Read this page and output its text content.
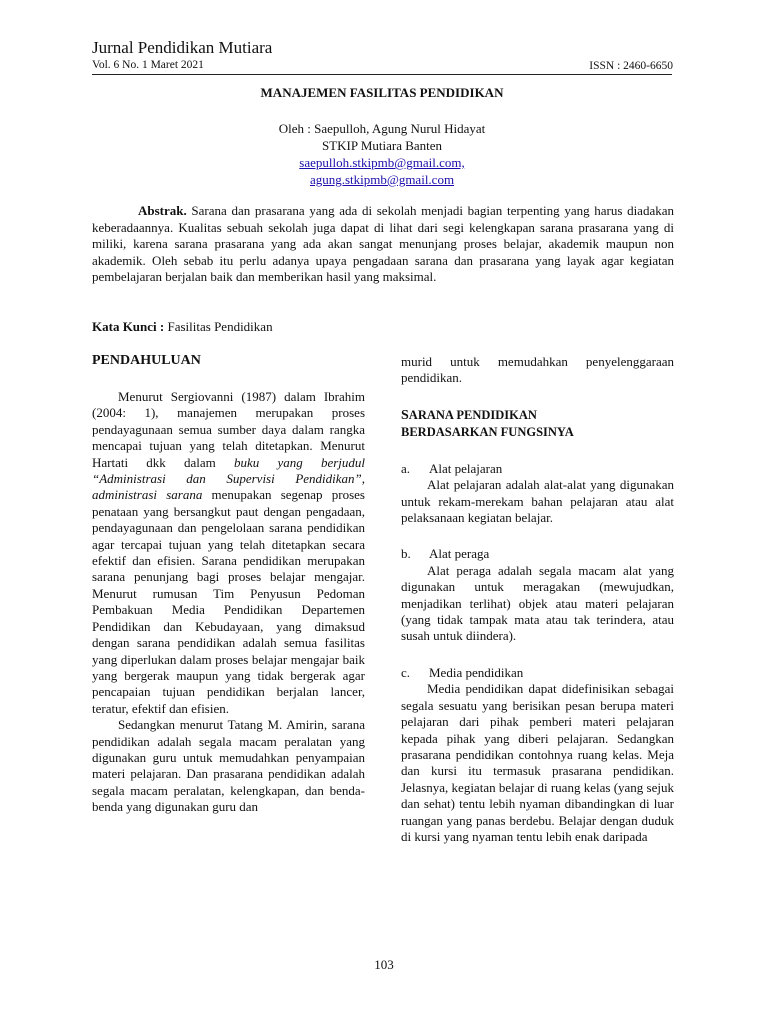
Jurnal Pendidikan Mutiara
Vol. 6 No. 1 Maret 2021	ISSN : 2460-6650
MANAJEMEN FASILITAS PENDIDIKAN
Oleh : Saepulloh, Agung Nurul Hidayat
STKIP Mutiara Banten
saepulloh.stkipmb@gmail.com,
agung.stkipmb@gmail.com

Abstrak. Sarana dan prasarana yang ada di sekolah menjadi bagian terpenting yang harus diadakan keberadaannya. Kualitas sebuah sekolah juga dapat di lihat dari segi kelengkapan sarana prasarana yang di miliki, karena sarana prasarana yang ada akan sangat menunjang proses belajar, akademik maupun non akademik. Oleh sebab itu perlu adanya upaya pengadaan sarana dan prasarana yang layak agar kegiatan pembelajaran berjalan baik dan memberikan hasil yang maksimal.

Kata Kunci : Fasilitas Pendidikan
PENDAHULUAN

Menurut Sergiovanni (1987) dalam Ibrahim (2004: 1), manajemen merupakan proses pendayagunaan semua sumber daya dalam rangka mencapai tujuan yang telah ditetapkan. Menurut Hartati dkk dalam buku yang berjudul “Administrasi dan Supervisi Pendidikan”, administrasi sarana menupakan segenap proses penataan yang bersangkut paut dengan pengadaan, pendayagunaan dan pengelolaan sarana pendidikan agar tercapai tujuan yang telah ditetapkan secara efektif dan efisien. Sarana pendidikan merupakan sarana penunjang bagi proses belajar mengajar. Menurut rumusan Tim Penyusun Pedoman Pembakuan Media Pendidikan Departemen Pendidikan dan Kebudayaan, yang dimaksud dengan sarana pendidikan adalah semua fasilitas yang diperlukan dalam proses belajar mengajar baik yang bergerak maupun yang tidak bergerak agar pencapaian tujuan pendidikan berjalan lancer, teratur, efektif dan efisien.

Sedangkan menurut Tatang M. Amirin, sarana pendidikan adalah segala macam peralatan yang digunakan guru untuk memudahkan penyampaian materi pelajaran. Dan prasarana pendidikan adalah segala macam peralatan, kelengkapan, dan benda-benda yang digunakan guru dan

murid untuk memudahkan penyelenggaraan pendidikan.

SARANA PENDIDIKAN
BERDASARKAN FUNGSINYA
a. Alat pelajaran

Alat pelajaran adalah alat-alat yang digunakan untuk rekam-merekam bahan pelajaran atau alat pelaksanaan kegiatan belajar.

b. Alat peraga

Alat peraga adalah segala macam alat yang digunakan untuk meragakan (mewujudkan, menjadikan terlihat) objek atau materi pelajaran (yang tidak tampak mata atau tak terindera, atau susah untuk diindera).

c. Media pendidikan

Media pendidikan dapat didefinisikan sebagai segala sesuatu yang berisikan pesan berupa materi pelajaran dari pihak pemberi materi pelajaran kepada pihak yang diberi pelajaran. Sedangkan prasarana pendidikan contohnya ruang kelas. Meja dan kursi itu termasuk prasarana pendidikan. Jelasnya, kegiatan belajar di ruang kelas (yang sejuk dan sehat) tentu lebih nyaman dibandingkan di luar ruangan yang panas berdebu. Belajar dengan duduk di kursi yang nyaman tentu lebih enak daripada

103
